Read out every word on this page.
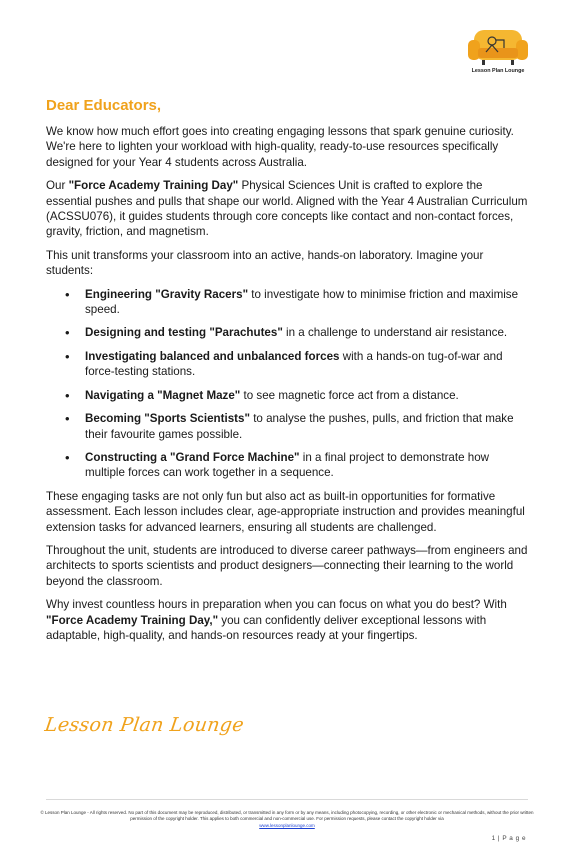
Lesson Plan Lounge
Dear Educators,

We know how much effort goes into creating engaging lessons that spark genuine curiosity. We're here to lighten your workload with high-quality, ready-to-use resources specifically designed for your Year 4 students across Australia.

Our "Force Academy Training Day" Physical Sciences Unit is crafted to explore the essential pushes and pulls that shape our world. Aligned with the Year 4 Australian Curriculum (ACSSU076), it guides students through core concepts like contact and non-contact forces, gravity, friction, and magnetism.

This unit transforms your classroom into an active, hands-on laboratory. Imagine your students:

• Engineering "Gravity Racers" to investigate how to minimise friction and maximise speed.
• Designing and testing "Parachutes" in a challenge to understand air resistance.
• Investigating balanced and unbalanced forces with a hands-on tug-of-war and force-testing stations.
• Navigating a "Magnet Maze" to see magnetic force act from a distance.
• Becoming "Sports Scientists" to analyse the pushes, pulls, and friction that make their favourite games possible.
• Constructing a "Grand Force Machine" in a final project to demonstrate how multiple forces can work together in a sequence.

These engaging tasks are not only fun but also act as built-in opportunities for formative assessment. Each lesson includes clear, age-appropriate instruction and provides meaningful extension tasks for advanced learners, ensuring all students are challenged.

Throughout the unit, students are introduced to diverse career pathways—from engineers and architects to sports scientists and product designers—connecting their learning to the world beyond the classroom.

Why invest countless hours in preparation when you can focus on what you do best? With "Force Academy Training Day," you can confidently deliver exceptional lessons with adaptable, high-quality, and hands-on resources ready at your fingertips.

Lesson Plan Lounge
© Lesson Plan Lounge - All rights reserved. No part of this document may be reproduced, distributed, or transmitted in any form or by any means, including photocopying, recording, or other electronic or mechanical methods, without the prior written permission of the copyright holder. This applies to both commercial and non-commercial use. For permission requests, please contact the copyright holder via
www.lessonplanlounge.com
1 | P a g e
